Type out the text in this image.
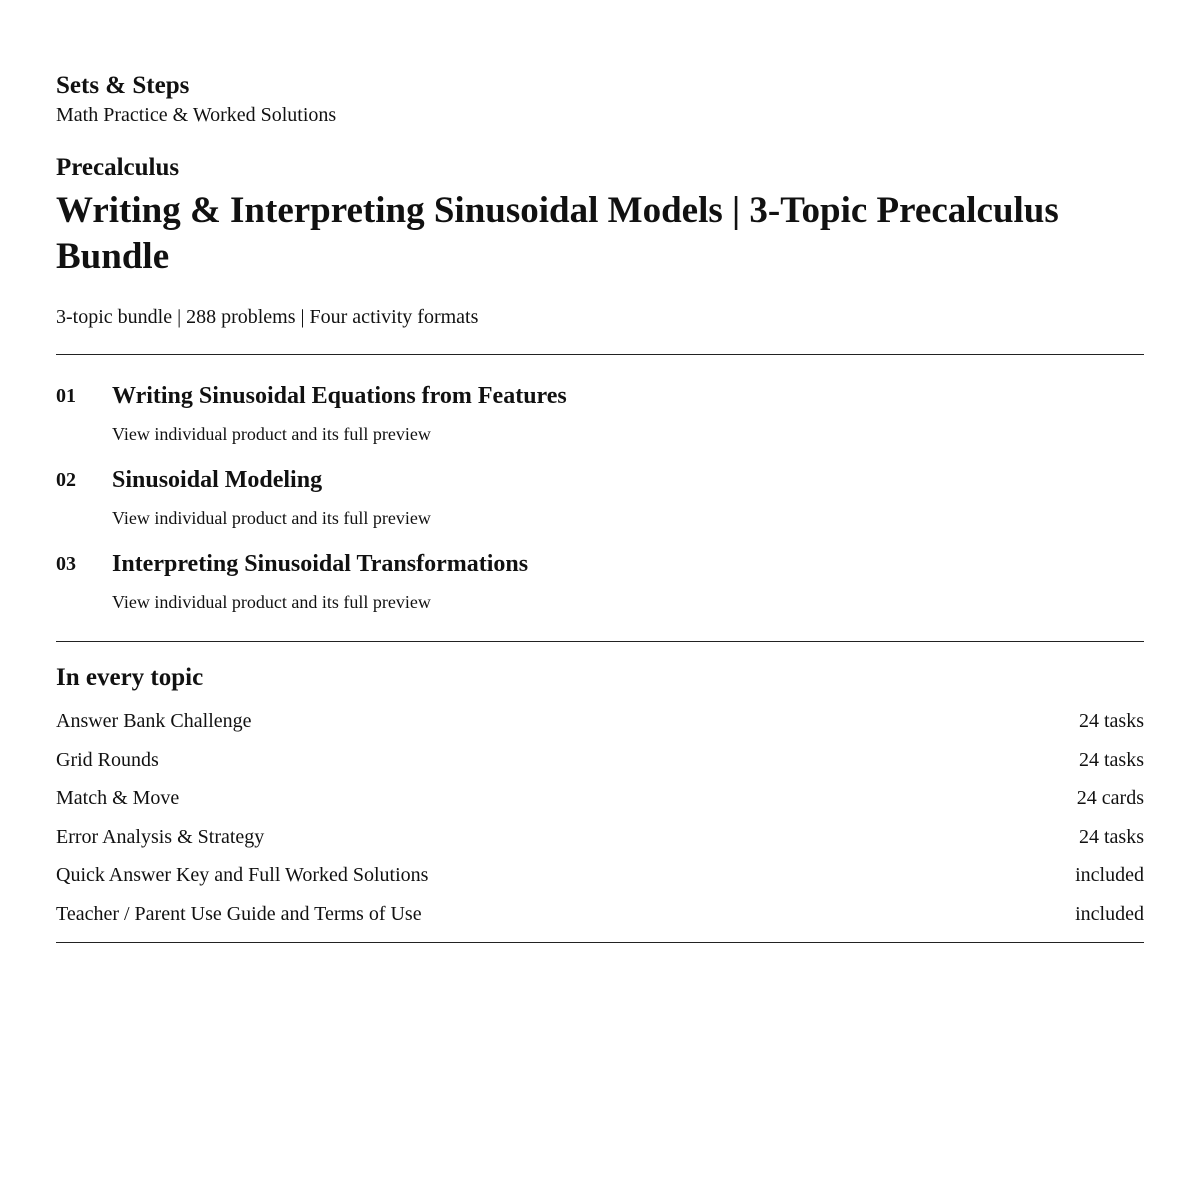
Sets & Steps

Math Practice & Worked Solutions

Precalculus

Writing & Interpreting Sinusoidal Models | 3-Topic Precalculus Bundle

3-topic bundle | 288 problems | Four activity formats

01	Writing Sinusoidal Equations from Features
View individual product and its full preview
02	Sinusoidal Modeling
View individual product and its full preview
03	Interpreting Sinusoidal Transformations
View individual product and its full preview
In every topic
Answer Bank Challenge	24 tasks
Grid Rounds	24 tasks
Match & Move	24 cards
Error Analysis & Strategy	24 tasks
Quick Answer Key and Full Worked Solutions	included
Teacher / Parent Use Guide and Terms of Use	included
